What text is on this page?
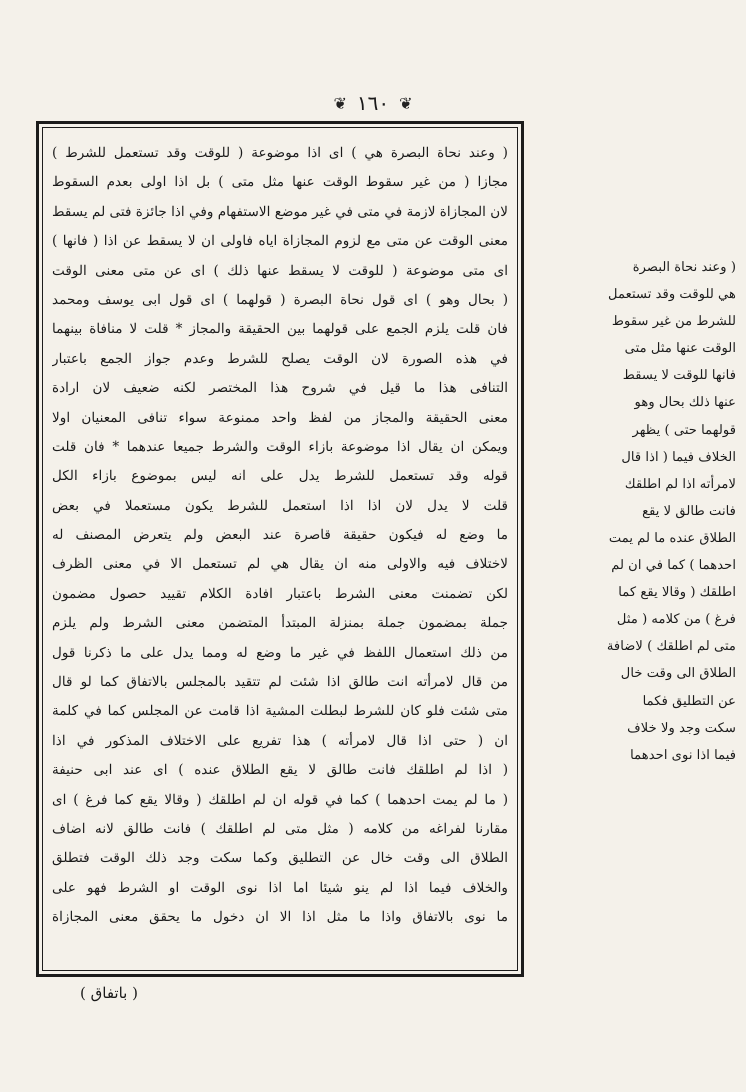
❦ ١٦٠ ❦
( وعند نحاة البصرة هي ) اى اذا موضوعة ( للوقت وقد تستعمل للشرط )
مجازا ( من غير سقوط الوقت عنها مثل متى ) بل اذا اولى بعدم السقوط
لان المجازاة لازمة في متى في غير موضع الاستفهام وفي اذا جائزة فتى لم يسقط
معنى الوقت عن متى مع لزوم المجازاة اياه فاولى ان لا يسقط عن اذا ( فانها )
اى متى موضوعة ( للوقت لا يسقط عنها ذلك ) اى عن متى معنى الوقت
( بحال وهو ) اى قول نحاة البصرة ( قولهما ) اى قول ابى يوسف ومحمد
فان قلت يلزم الجمع على قولهما بين الحقيقة والمجاز * قلت لا منافاة بينهما
في هذه الصورة لان الوقت يصلح للشرط وعدم جواز الجمع باعتبار
التنافى هذا ما قيل في شروح هذا المختصر لكنه ضعيف لان ارادة
معنى الحقيقة والمجاز من لفظ واحد ممنوعة سواء تنافى المعنيان اولا
ويمكن ان يقال اذا موضوعة بازاء الوقت والشرط جميعا عندهما * فان قلت
قوله وقد تستعمل للشرط يدل على انه ليس بموضوع بازاء الكل
قلت لا يدل لان اذا اذا استعمل للشرط يكون مستعملا في بعض
ما وضع له فيكون حقيقة قاصرة عند البعض ولم يتعرض المصنف له
لاختلاف فيه والاولى منه ان يقال هي لم تستعمل الا في معنى الظرف
لكن تضمنت معنى الشرط باعتبار افادة الكلام تقييد حصول مضمون
جملة بمضمون جملة بمنزلة المبتدأ المتضمن معنى الشرط ولم يلزم
من ذلك استعمال اللفظ في غير ما وضع له ومما يدل على ما ذكرنا قول
من قال لامرأته انت طالق اذا شئت لم تتقيد بالمجلس بالاتفاق كما لو قال
متى شئت فلو كان للشرط لبطلت المشية اذا قامت عن المجلس كما في كلمة
ان ( حتى اذا قال لامرأته ) هذا تفريع على الاختلاف المذكور في اذا
( اذا لم اطلقك فانت طالق لا يقع الطلاق عنده ) اى عند ابى حنيفة
( ما لم يمت احدهما ) كما في قوله ان لم اطلقك ( وقالا يقع كما فرغ ) اى
مقارنا لفراغه من كلامه ( مثل متى لم اطلقك ) فانت طالق لانه اضاف
الطلاق الى وقت خال عن التطليق وكما سكت وجد ذلك الوقت فتطلق
والخلاف فيما اذا لم ينو شيئا اما اذا نوى الوقت او الشرط فهو على
ما نوى بالاتفاق واذا ما مثل اذا الا ان دخول ما يحقق معنى المجازاة
( وعند نحاة البصرة
هي للوقت وقد تستعمل
للشرط من غير سقوط
الوقت عنها مثل متى
فانها للوقت لا يسقط
عنها ذلك بحال وهو
قولهما حتى ) يظهر
الخلاف فيما ( اذا قال
لامرأته اذا لم اطلقك
فانت طالق لا يقع
الطلاق عنده ما لم يمت
احدهما ) كما في ان لم
اطلقك ( وقالا يقع كما
فرغ ) من كلامه ( مثل
متى لم اطلقك ) لاضافة
الطلاق الى وقت خال
عن التطليق فكما
سكت وجد ولا خلاف
فيما اذا نوى احدهما
( باتفاق )
